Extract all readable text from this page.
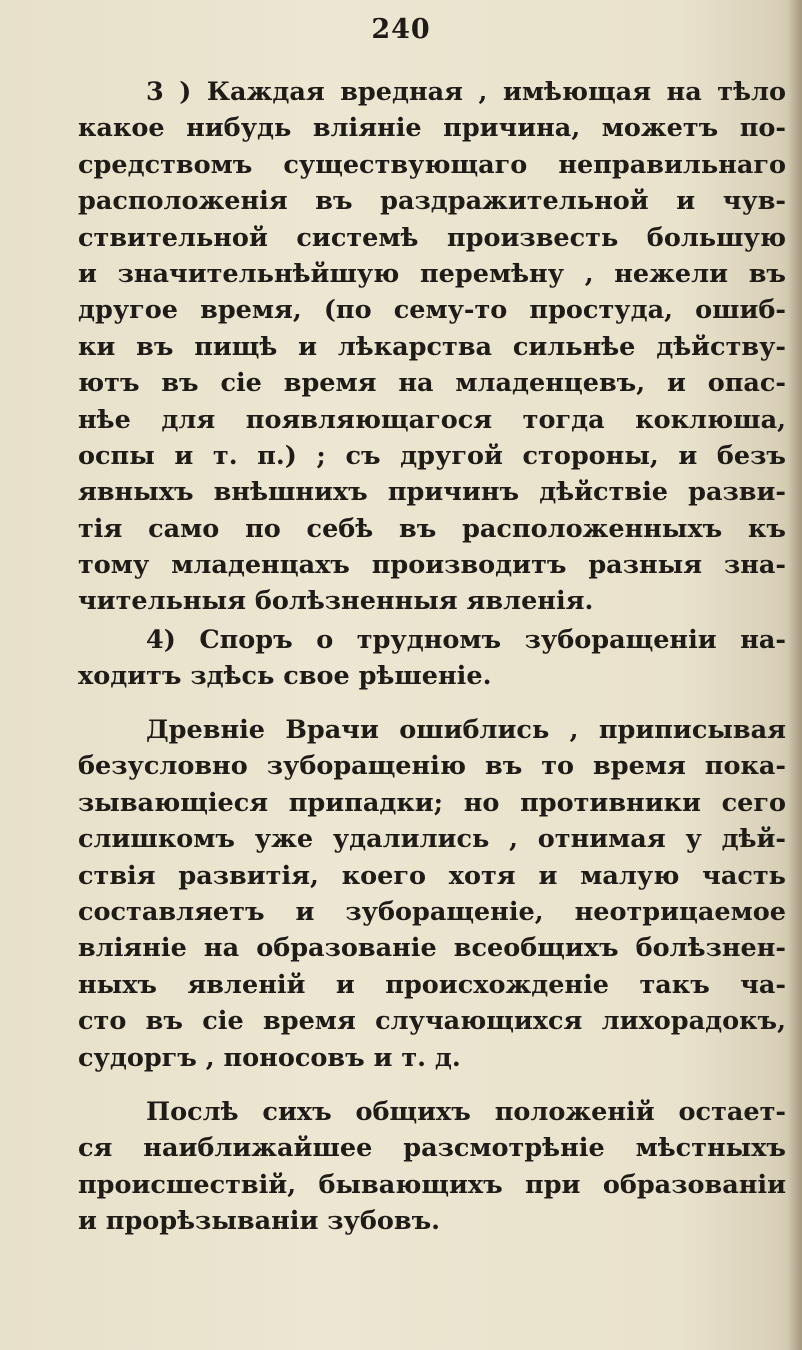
240
3 ) Каждая вредная , имѣющая на тѣло
какое нибудь вліяніе причина, можетъ по-
средствомъ существующаго неправильнаго
расположенія въ раздражительной и чув-
ствительной системѣ произвесть большую
и значительнѣйшую перемѣну , нежели въ
другое время, (по сему-то простуда, ошиб-
ки въ пищѣ и лѣкарства сильнѣе дѣйству-
ютъ въ сіе время на младенцевъ, и опас-
нѣе для появляющагося тогда коклюша,
оспы и т. п.) ; съ другой стороны, и безъ
явныхъ внѣшнихъ причинъ дѣйствіе разви-
тія само по себѣ въ расположенныхъ къ
тому младенцахъ производитъ разныя зна-
чительныя болѣзненныя явленія.
4) Споръ о трудномъ зуборащеніи на-
ходитъ здѣсь свое рѣшеніе.
Древніе Врачи ошиблись , приписывая
безусловно зуборащенію въ то время пока-
зывающіеся припадки; но противники сего
слишкомъ уже удалились , отнимая у дѣй-
ствія развитія, коего хотя и малую часть
составляетъ и зуборащеніе, неотрицаемое
вліяніе на образованіе всеобщихъ болѣзнен-
ныхъ явленій и происхожденіе такъ ча-
сто въ сіе время случающихся лихорадокъ,
судоргъ , поносовъ и т. д.
Послѣ сихъ общихъ положеній остает-
ся наиближайшее разсмотрѣніе мѣстныхъ
происшествій, бывающихъ при образованіи
и прорѣзываніи зубовъ.
